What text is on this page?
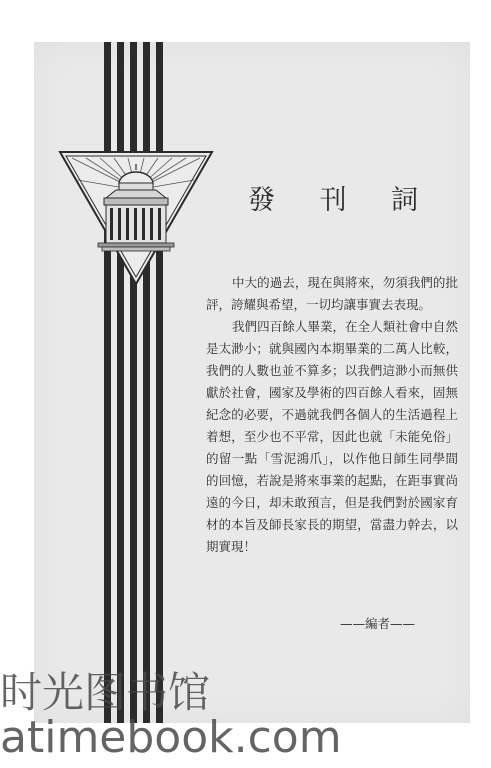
發 刊 詞

中大的過去，現在與將來，勿須我們的批評，誇耀與希望，一切均讓事實去表現。

我們四百餘人畢業，在全人類社會中自然是太渺小；就與國內本期畢業的二萬人比較，我們的人數也並不算多；以我們這渺小而無供獻於社會，國家及學術的四百餘人看來，固無紀念的必要，不過就我們各個人的生活過程上着想，至少也不平常，因此也就「未能免俗」的留一點「雪泥鴻爪」，以作他日師生同學間的回憶，若說是將來事業的起點，在距事實尚遠的今日，却未敢預言，但是我們對於國家育材的本旨及師長家長的期望，當盡力幹去，以期實現！

——編者——
时光图书馆
atimebook.com
